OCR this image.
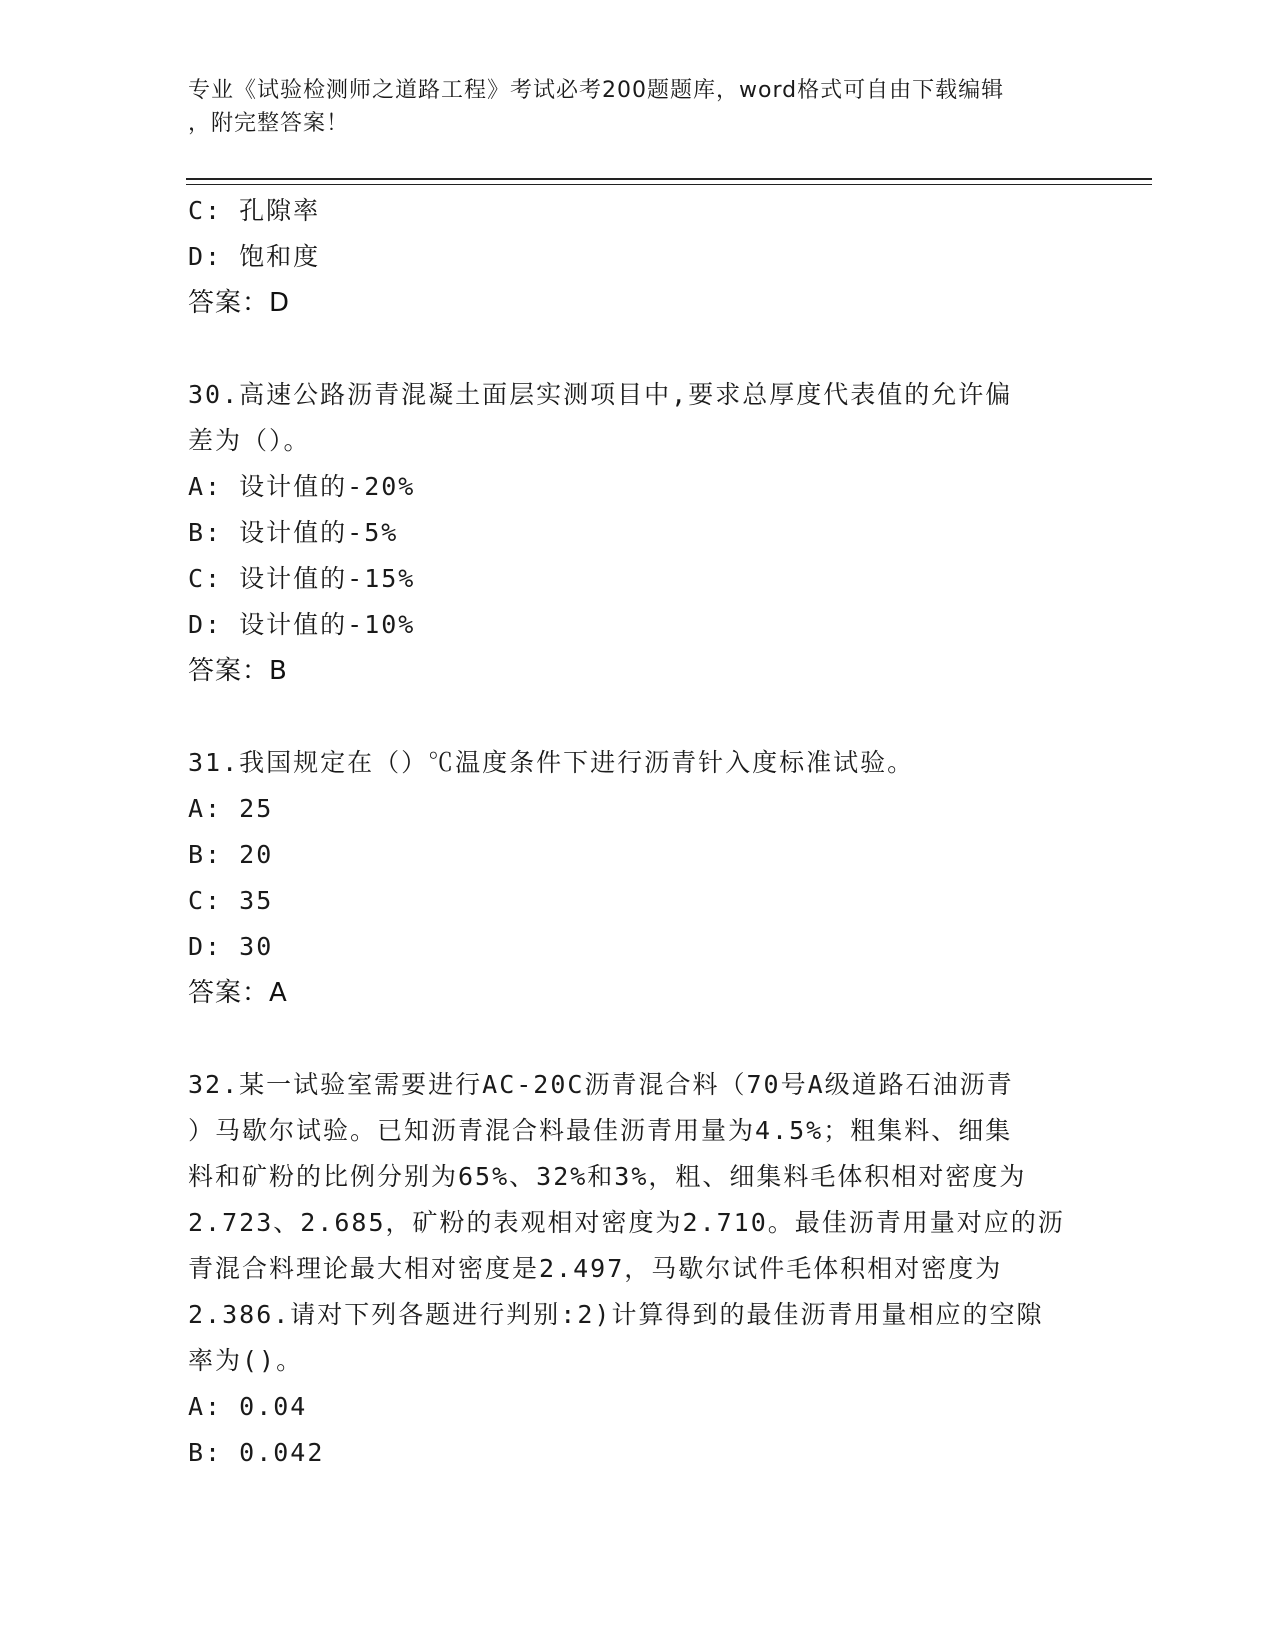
专业《试验检测师之道路工程》考试必考200题题库，word格式可自由下载编辑
，附完整答案！
C: 孔隙率
D: 饱和度
答案：D
30.高速公路沥青混凝土面层实测项目中,要求总厚度代表值的允许偏
差为（）。
A: 设计值的-20%
B: 设计值的-5%
C: 设计值的-15%
D: 设计值的-10%
答案：B
31.我国规定在（）℃温度条件下进行沥青针入度标准试验。
A: 25
B: 20
C: 35
D: 30
答案：A
32.某一试验室需要进行AC-20C沥青混合料（70号A级道路石油沥青
）马歇尔试验。已知沥青混合料最佳沥青用量为4.5%；粗集料、细集
料和矿粉的比例分别为65%、32%和3%，粗、细集料毛体积相对密度为
2.723、2.685，矿粉的表观相对密度为2.710。最佳沥青用量对应的沥
青混合料理论最大相对密度是2.497，马歇尔试件毛体积相对密度为
2.386.请对下列各题进行判别:2)计算得到的最佳沥青用量相应的空隙
率为()。
A: 0.04
B: 0.042
